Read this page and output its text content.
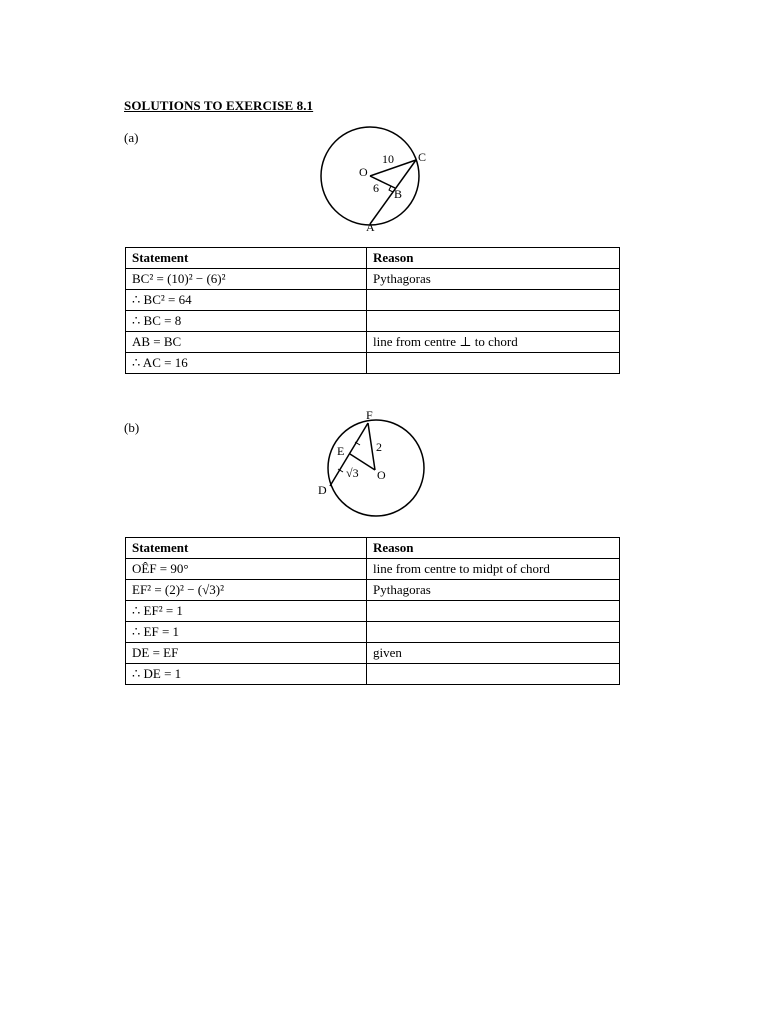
SOLUTIONS TO EXERCISE 8.1
(a)
O
C
B
A
10
6
Statement	Reason
BC² = (10)² − (6)²	Pythagoras
∴ BC² = 64	
∴ BC = 8	
AB = BC	line from centre ⊥ to chord
∴ AC = 16	
(b)
F
E
O
D
2
√3
Statement	Reason
OÊF = 90°	line from centre to midpt of chord
EF² = (2)² − (√3)²	Pythagoras
∴ EF² = 1	
∴ EF = 1	
DE = EF	given
∴ DE = 1	
